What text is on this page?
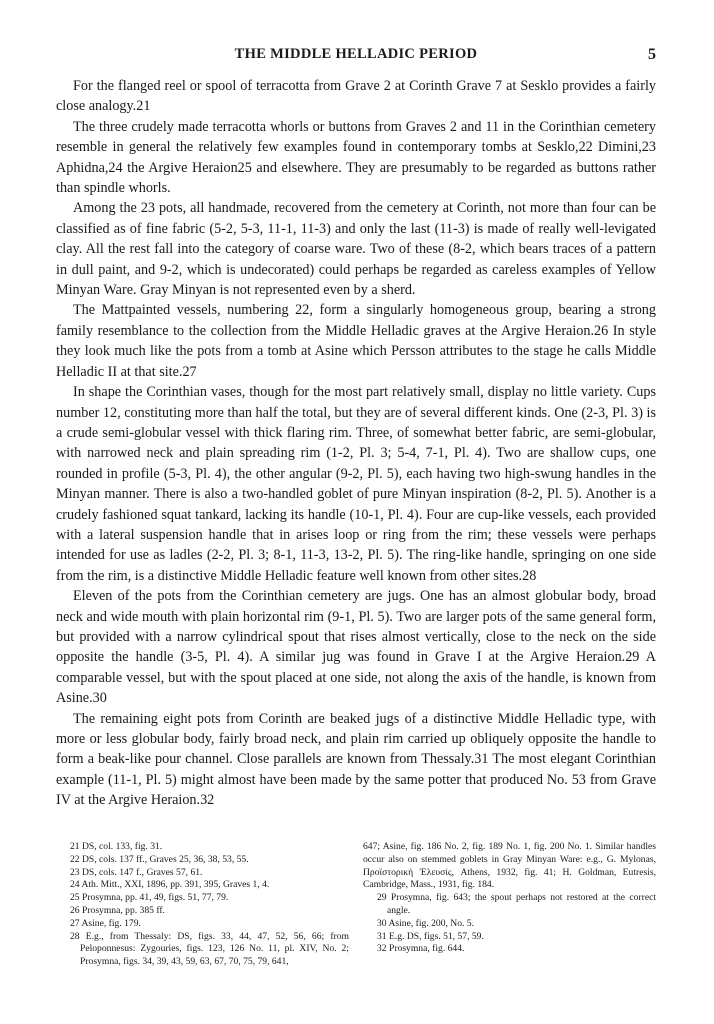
THE MIDDLE HELLADIC PERIOD	5

For the flanged reel or spool of terracotta from Grave 2 at Corinth Grave 7 at Sesklo provides a fairly close analogy.21

The three crudely made terracotta whorls or buttons from Graves 2 and 11 in the Corinthian cemetery resemble in general the relatively few examples found in contemporary tombs at Sesklo,22 Dimini,23 Aphidna,24 the Argive Heraion25 and elsewhere. They are presumably to be regarded as buttons rather than spindle whorls.

Among the 23 pots, all handmade, recovered from the cemetery at Corinth, not more than four can be classified as of fine fabric (5-2, 5-3, 11-1, 11-3) and only the last (11-3) is made of really well-levigated clay. All the rest fall into the category of coarse ware. Two of these (8-2, which bears traces of a pattern in dull paint, and 9-2, which is undecorated) could perhaps be regarded as careless examples of Yellow Minyan Ware. Gray Minyan is not represented even by a sherd.

The Mattpainted vessels, numbering 22, form a singularly homogeneous group, bearing a strong family resemblance to the collection from the Middle Helladic graves at the Argive Heraion.26 In style they look much like the pots from a tomb at Asine which Persson attributes to the stage he calls Middle Helladic II at that site.27

In shape the Corinthian vases, though for the most part relatively small, display no little variety. Cups number 12, constituting more than half the total, but they are of several different kinds. One (2-3, Pl. 3) is a crude semi-globular vessel with thick flaring rim. Three, of somewhat better fabric, are semi-globular, with narrowed neck and plain spreading rim (1-2, Pl. 3; 5-4, 7-1, Pl. 4). Two are shallow cups, one rounded in profile (5-3, Pl. 4), the other angular (9-2, Pl. 5), each having two high-swung handles in the Minyan manner. There is also a two-handled goblet of pure Minyan inspiration (8-2, Pl. 5). Another is a crudely fashioned squat tankard, lacking its handle (10-1, Pl. 4). Four are cup-like vessels, each provided with a lateral suspension handle that in arises loop or ring from the rim; these vessels were perhaps intended for use as ladles (2-2, Pl. 3; 8-1, 11-3, 13-2, Pl. 5). The ring-like handle, springing on one side from the rim, is a distinctive Middle Helladic feature well known from other sites.28

Eleven of the pots from the Corinthian cemetery are jugs. One has an almost globular body, broad neck and wide mouth with plain horizontal rim (9-1, Pl. 5). Two are larger pots of the same general form, but provided with a narrow cylindrical spout that rises almost vertically, close to the neck on the side opposite the handle (3-5, Pl. 4). A similar jug was found in Grave I at the Argive Heraion.29 A comparable vessel, but with the spout placed at one side, not along the axis of the handle, is known from Asine.30

The remaining eight pots from Corinth are beaked jugs of a distinctive Middle Helladic type, with more or less globular body, fairly broad neck, and plain rim carried up obliquely opposite the handle to form a beak-like pour channel. Close parallels are known from Thessaly.31 The most elegant Corinthian example (11-1, Pl. 5) might almost have been made by the same potter that produced No. 53 from Grave IV at the Argive Heraion.32

21 DS, col. 133, fig. 31.

22 DS, cols. 137 ff., Graves 25, 36, 38, 53, 55.

23 DS, cols. 147 f., Graves 57, 61.

24 Ath. Mitt., XXI, 1896, pp. 391, 395, Graves 1, 4.

25 Prosymna, pp. 41, 49, figs. 51, 77, 79.

26 Prosymna, pp. 385 ff.

27 Asine, fig. 179.

28 E.g., from Thessaly: DS, figs. 33, 44, 47, 52, 56, 66; from Peloponnesus: Zygouries, figs. 123, 126 No. 11, pl. XIV, No. 2; Prosymna, figs. 34, 39, 43, 59, 63, 67, 70, 75, 79, 641,

647; Asine, fig. 186 No. 2, fig. 189 No. 1, fig. 200 No. 1. Similar handles occur also on stemmed goblets in Gray Minyan Ware: e.g., G. Mylonas, Προϊστορική Ἐλευσίς, Athens, 1932, fig. 41; H. Goldman, Eutresis, Cambridge, Mass., 1931, fig. 184.

29 Prosymna, fig. 643; the spout perhaps not restored at the correct angle.

30 Asine, fig. 200, No. 5.

31 E.g. DS, figs. 51, 57, 59.

32 Prosymna, fig. 644.
